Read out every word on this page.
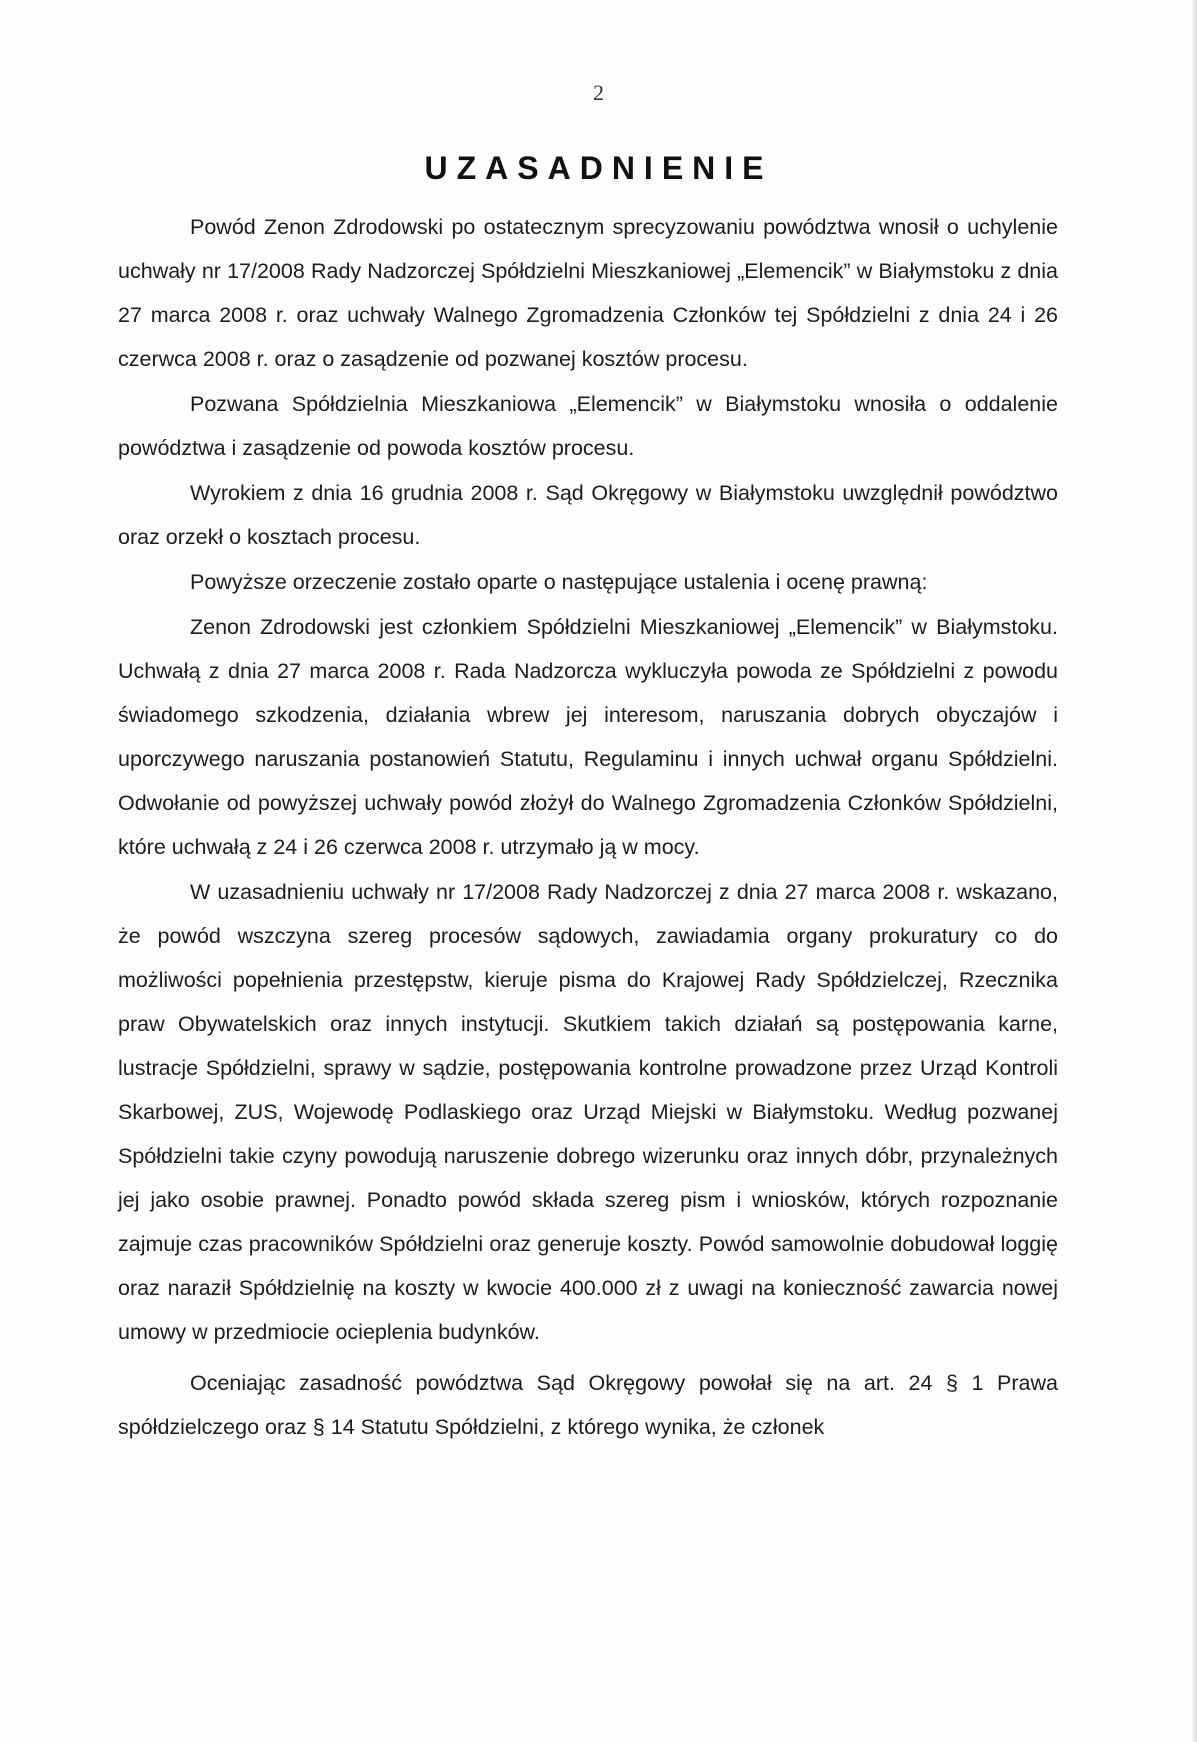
2
UZASADNIENIE

Powód Zenon Zdrodowski po ostatecznym sprecyzowaniu powództwa wnosił o uchylenie uchwały nr 17/2008 Rady Nadzorczej Spółdzielni Mieszkaniowej „Elemencik” w Białymstoku z dnia 27 marca 2008 r. oraz uchwały Walnego Zgromadzenia Członków tej Spółdzielni z dnia 24 i 26 czerwca 2008 r. oraz o zasądzenie od pozwanej kosztów procesu.

Pozwana Spółdzielnia Mieszkaniowa „Elemencik” w Białymstoku wnosiła o oddalenie powództwa i zasądzenie od powoda kosztów procesu.

Wyrokiem z dnia 16 grudnia 2008 r. Sąd Okręgowy w Białymstoku uwzględnił powództwo oraz orzekł o kosztach procesu.

Powyższe orzeczenie zostało oparte o następujące ustalenia i ocenę prawną:

Zenon Zdrodowski jest członkiem Spółdzielni Mieszkaniowej „Elemencik” w Białymstoku. Uchwałą z dnia 27 marca 2008 r. Rada Nadzorcza wykluczyła powoda ze Spółdzielni z powodu świadomego szkodzenia, działania wbrew jej interesom, naruszania dobrych obyczajów i uporczywego naruszania postanowień Statutu, Regulaminu i innych uchwał organu Spółdzielni. Odwołanie od powyższej uchwały powód złożył do Walnego Zgromadzenia Członków Spółdzielni, które uchwałą z 24 i 26 czerwca 2008 r. utrzymało ją w mocy.

W uzasadnieniu uchwały nr 17/2008 Rady Nadzorczej z dnia 27 marca 2008 r. wskazano, że powód wszczyna szereg procesów sądowych, zawiadamia organy prokuratury co do możliwości popełnienia przestępstw, kieruje pisma do Krajowej Rady Spółdzielczej, Rzecznika praw Obywatelskich oraz innych instytucji. Skutkiem takich działań są postępowania karne, lustracje Spółdzielni, sprawy w sądzie, postępowania kontrolne prowadzone przez Urząd Kontroli Skarbowej, ZUS, Wojewodę Podlaskiego oraz Urząd Miejski w Białymstoku. Według pozwanej Spółdzielni takie czyny powodują naruszenie dobrego wizerunku oraz innych dóbr, przynależnych jej jako osobie prawnej. Ponadto powód składa szereg pism i wniosków, których rozpoznanie zajmuje czas pracowników Spółdzielni oraz generuje koszty. Powód samowolnie dobudował loggię oraz naraził Spółdzielnię na koszty w kwocie 400.000 zł z uwagi na konieczność zawarcia nowej umowy w przedmiocie ocieplenia budynków.

Oceniając zasadność powództwa Sąd Okręgowy powołał się na art. 24 § 1 Prawa spółdzielczego oraz § 14 Statutu Spółdzielni, z którego wynika, że członek
